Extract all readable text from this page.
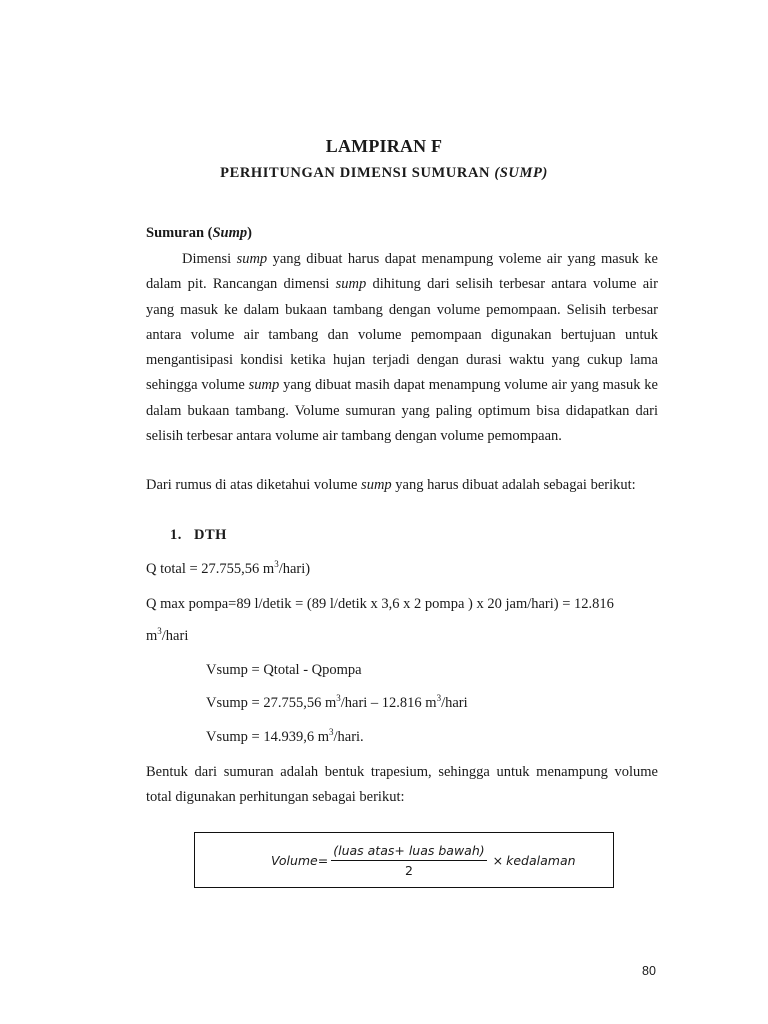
LAMPIRAN F
PERHITUNGAN DIMENSI SUMURAN (SUMP)
Sumuran (Sump)

Dimensi sump yang dibuat harus dapat menampung voleme air yang masuk ke dalam pit. Rancangan dimensi sump dihitung dari selisih terbesar antara volume air yang masuk ke dalam bukaan tambang dengan volume pemompaan. Selisih terbesar antara volume air tambang dan volume pemompaan digunakan bertujuan untuk mengantisipasi kondisi ketika hujan terjadi dengan durasi waktu yang cukup lama sehingga volume sump yang dibuat masih dapat menampung volume air yang masuk ke dalam bukaan tambang. Volume sumuran yang paling optimum bisa didapatkan dari selisih terbesar antara volume air tambang dengan volume pemompaan.

Dari rumus di atas diketahui volume sump yang harus dibuat adalah sebagai berikut:

1. DTH
Q total = 27.755,56 $m^3/hari$)
Q max pompa=89 l/detik = (89 l/detik x 3,6 x 2 pompa ) x 20 jam/hari) = 12.816
$m^3$/hari
Vsump = Qtotal - Qpompa
Vsump = 27.755,56 $m^3$/hari – 12.816 $m^3$/hari
Vsump = 14.939,6 $m^3$/hari.

Bentuk dari sumuran adalah bentuk trapesium, sehingga untuk menampung volume total digunakan perhitungan sebagai berikut:

Volume = $\frac{\text{(luas atas+ luas bawah)}}{2}$ × kedalaman
80
